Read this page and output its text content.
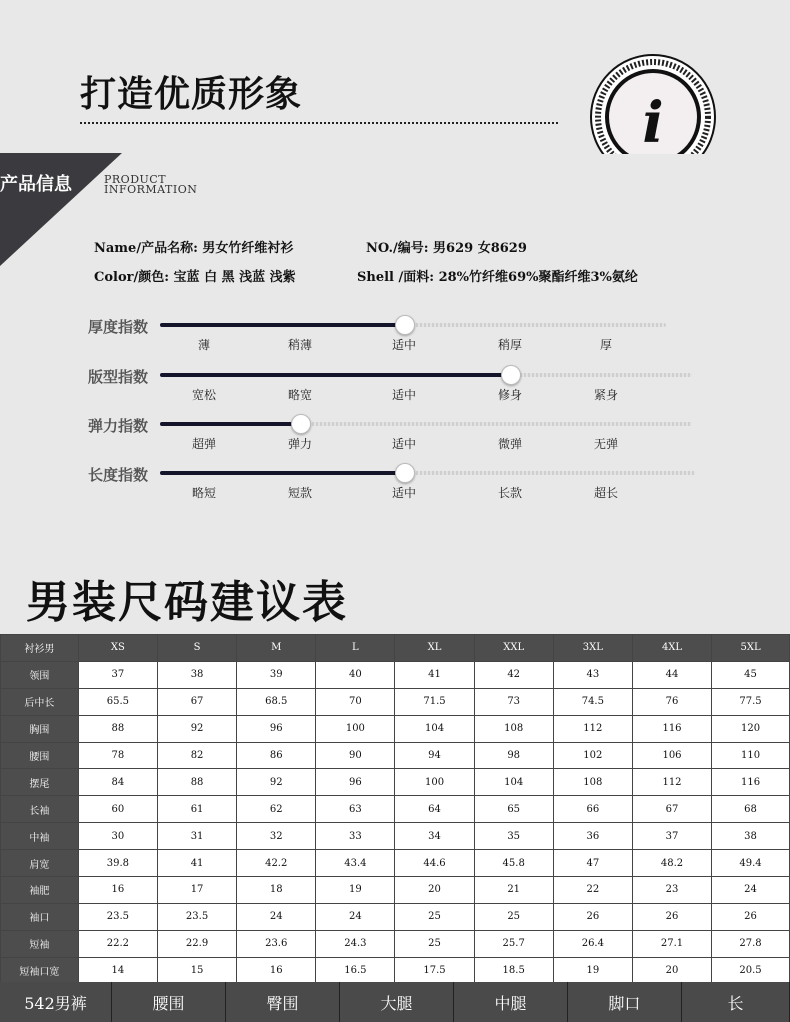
打造优质形象	i
产品信息	PRODUCT
INFORMATION
Name/产品名称: 男女竹纤维衬衫	NO./编号: 男629 女8629
Color/颜色: 宝蓝 白 黑 浅蓝 浅紫	Shell /面料: 28%竹纤维69%聚酯纤维3%氨纶
厚度指数
薄	稍薄	适中	稍厚	厚
版型指数
宽松	略宽	适中	修身	紧身
弹力指数
超弹	弹力	适中	微弹	无弹
长度指数
略短	短款	适中	长款	超长
男装尺码建议表
衬衫男	XS	S	M	L	XL	XXL	3XL	4XL	5XL
领围	37	38	39	40	41	42	43	44	45
后中长	65.5	67	68.5	70	71.5	73	74.5	76	77.5
胸围	88	92	96	100	104	108	112	116	120
腰围	78	82	86	90	94	98	102	106	110
摆尾	84	88	92	96	100	104	108	112	116
长袖	60	61	62	63	64	65	66	67	68
中袖	30	31	32	33	34	35	36	37	38
肩宽	39.8	41	42.2	43.4	44.6	45.8	47	48.2	49.4
袖肥	16	17	18	19	20	21	22	23	24
袖口	23.5	23.5	24	24	25	25	26	26	26
短袖	22.2	22.9	23.6	24.3	25	25.7	26.4	27.1	27.8
短袖口宽	14	15	16	16.5	17.5	18.5	19	20	20.5
542男裤	腰围	臀围	大腿	中腿	脚口	长
